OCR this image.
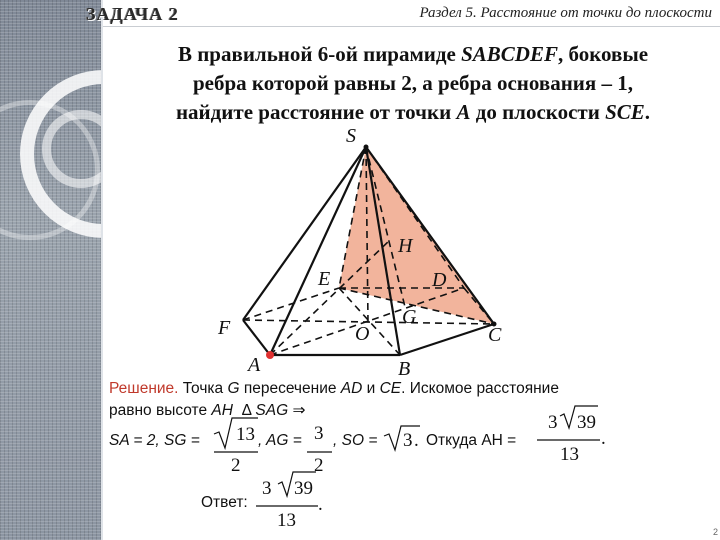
ЗАДАЧА 2	Раздел 5. Расстояние от точки до плоскости
В правильной 6-ой пирамиде SABCDEF, боковые
ребра которой равны 2, а ребра основания – 1,
найдите расстояние от точки A до плоскости SCE.
S
H
E	D
G
F	O	C
A	B
Решение. Точка G пересечение AD и CE. Искомое расстояние
равно высоте AH Δ SAG ⇒
SA = 2, SG = 13
2
, AG = 3
2
, SO = 3 . Откуда AH =
3 39
13
.
Ответ:
3 39
13
.
2
